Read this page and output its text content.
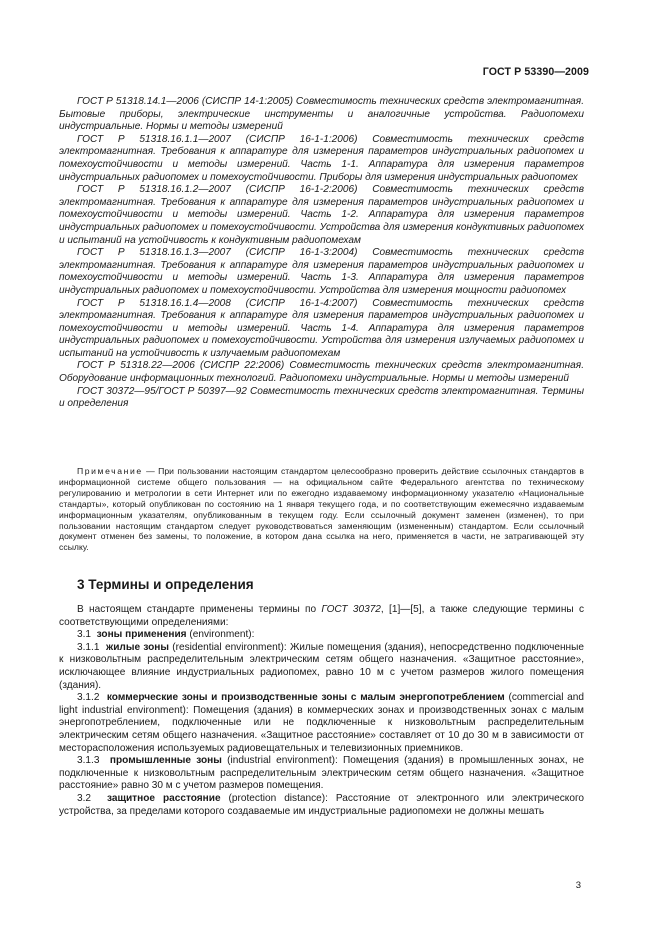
ГОСТ Р 53390—2009

ГОСТ Р 51318.14.1—2006 (СИСПР 14-1:2005) Совместимость технических средств электромагнитная. Бытовые приборы, электрические инструменты и аналогичные устройства. Радиопомехи индустриальные. Нормы и методы измерений

ГОСТ Р 51318.16.1.1—2007 (СИСПР 16-1-1:2006) Совместимость технических средств электромагнитная. Требования к аппаратуре для измерения параметров индустриальных радиопомех и помехоустойчивости и методы измерений. Часть 1-1. Аппаратура для измерения параметров индустриальных радиопомех и помехоустойчивости. Приборы для измерения индустриальных радиопомех

ГОСТ Р 51318.16.1.2—2007 (СИСПР 16-1-2:2006) Совместимость технических средств электромагнитная. Требования к аппаратуре для измерения параметров индустриальных радиопомех и помехоустойчивости и методы измерений. Часть 1-2. Аппаратура для измерения параметров индустриальных радиопомех и помехоустойчивости. Устройства для измерения кондуктивных радиопомех и испытаний на устойчивость к кондуктивным радиопомехам

ГОСТ Р 51318.16.1.3—2007 (СИСПР 16-1-3:2004) Совместимость технических средств электромагнитная. Требования к аппаратуре для измерения параметров индустриальных радиопомех и помехоустойчивости и методы измерений. Часть 1-3. Аппаратура для измерения параметров индустриальных радиопомех и помехоустойчивости. Устройства для измерения мощности радиопомех

ГОСТ Р 51318.16.1.4—2008 (СИСПР 16-1-4:2007) Совместимость технических средств электромагнитная. Требования к аппаратуре для измерения параметров индустриальных радиопомех и помехоустойчивости и методы измерений. Часть 1-4. Аппаратура для измерения параметров индустриальных радиопомех и помехоустойчивости. Устройства для измерения излучаемых радиопомех и испытаний на устойчивость к излучаемым радиопомехам

ГОСТ Р 51318.22—2006 (СИСПР 22:2006) Совместимость технических средств электромагнитная. Оборудование информационных технологий. Радиопомехи индустриальные. Нормы и методы измерений

ГОСТ 30372—95/ГОСТ Р 50397—92 Совместимость технических средств электромагнитная. Термины и определения

Примечание — При пользовании настоящим стандартом целесообразно проверить действие ссылочных стандартов в информационной системе общего пользования — на официальном сайте Федерального агентства по техническому регулированию и метрологии в сети Интернет или по ежегодно издаваемому информационному указателю «Национальные стандарты», который опубликован по состоянию на 1 января текущего года, и по соответствующим ежемесячно издаваемым информационным указателям, опубликованным в текущем году. Если ссылочный документ заменен (изменен), то при пользовании настоящим стандартом следует руководствоваться заменяющим (измененным) стандартом. Если ссылочный документ отменен без замены, то положение, в котором дана ссылка на него, применяется в части, не затрагивающей эту ссылку.

3 Термины и определения

В настоящем стандарте применены термины по ГОСТ 30372, [1]—[5], а также следующие термины с соответствующими определениями:

3.1 зоны применения (environment):

3.1.1 жилые зоны (residential environment): Жилые помещения (здания), непосредственно подключенные к низковольтным распределительным электрическим сетям общего назначения. «Защитное расстояние», исключающее влияние индустриальных радиопомех, равно 10 м с учетом размеров жилого помещения (здания).

3.1.2 коммерческие зоны и производственные зоны с малым энергопотреблением (commercial and light industrial environment): Помещения (здания) в коммерческих зонах и производственных зонах с малым энергопотреблением, подключенные или не подключенные к низковольтным распределительным электрическим сетям общего назначения. «Защитное расстояние» составляет от 10 до 30 м в зависимости от месторасположения используемых радиовещательных и телевизионных приемников.

3.1.3 промышленные зоны (industrial environment): Помещения (здания) в промышленных зонах, не подключенные к низковольтным распределительным электрическим сетям общего назначения. «Защитное расстояние» равно 30 м с учетом размеров помещения.

3.2 защитное расстояние (protection distance): Расстояние от электронного или электрического устройства, за пределами которого создаваемые им индустриальные радиопомехи не должны мешать

3
